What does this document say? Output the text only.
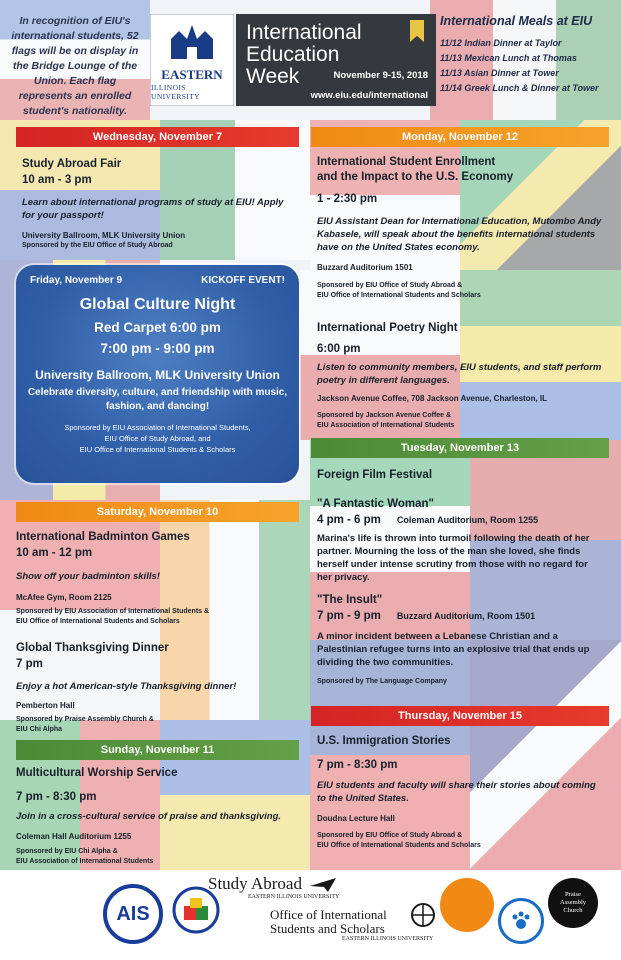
In recognition of EIU's international students, 52 flags will be on display in the Bridge Lounge of the Union. Each flag represents an enrolled student's nationality.
EASTERN
ILLINOIS UNIVERSITY
International
Education
Week	November 9-15, 2018
www.eiu.edu/international
International Meals at EIU
11/12 Indian Dinner at Taylor
11/13 Mexican Lunch at Thomas
11/13 Asian Dinner at Tower
11/14 Greek Lunch & Dinner at Tower
Wednesday, November 7
Study Abroad Fair
10 am - 3 pm
Learn about international programs of study at EIU! Apply for your passport!
University Ballroom, MLK University Union
Sponsored by the EIU Office of Study Abroad
Friday, November 9	KICKOFF EVENT!
Global Culture Night
Red Carpet 6:00 pm
7:00 pm - 9:00 pm
University Ballroom, MLK University Union
Celebrate diversity, culture, and friendship with music, fashion, and dancing!
Sponsored by EIU Association of International Students,
EIU Office of Study Abroad, and
EIU Office of International Students & Scholars
Saturday, November 10
International Badminton Games
10 am - 12 pm
Show off your badminton skills!
McAfee Gym, Room 2125
Sponsored by EIU Association of International Students &
EIU Office of International Students and Scholars
Global Thanksgiving Dinner
7 pm
Enjoy a hot American-style Thanksgiving dinner!
Pemberton Hall
Sponsored by Praise Assembly Church &
EIU Chi Alpha
Sunday, November 11
Multicultural Worship Service
7 pm - 8:30 pm
Join in a cross-cultural service of praise and thanksgiving.
Coleman Hall Auditorium 1255
Sponsored by EIU Chi Alpha &
EIU Association of International Students
Monday, November 12
International Student Enrollment
and the Impact to the U.S. Economy
1 - 2:30 pm
EIU Assistant Dean for International Education, Mutombo Andy Kabasele, will speak about the benefits international students have on the United States economy.
Buzzard Auditorium 1501
Sponsored by EIU Office of Study Abroad &
EIU Office of International Students and Scholars
International Poetry Night
6:00 pm
Listen to community members, EIU students, and staff perform poetry in different languages.
Jackson Avenue Coffee, 708 Jackson Avenue, Charleston, IL
Sponsored by Jackson Avenue Coffee &
EIU Association of International Students
Tuesday, November 13
Foreign Film Festival
"A Fantastic Woman"
4 pm - 6 pm Coleman Auditorium, Room 1255
Marina's life is thrown into turmoil following the death of her partner. Mourning the loss of the man she loved, she finds herself under intense scrutiny from those with no regard for her privacy.
"The Insult"
7 pm - 9 pm Buzzard Auditorium, Room 1501
A minor incident between a Lebanese Christian and a Palestinian refugee turns into an explosive trial that ends up dividing the two communities.
Sponsored by The Language Company
Thursday, November 15
U.S. Immigration Stories
7 pm - 8:30 pm
EIU students and faculty will share their stories about coming to the United States.
Doudna Lecture Hall
Sponsored by EIU Office of Study Abroad &
EIU Office of International Students and Scholars
AIS
Study Abroad
EASTERN ILLINOIS UNIVERSITY
Office of International
Students and Scholars
EASTERN ILLINOIS UNIVERSITY
Praise Assembly Church
